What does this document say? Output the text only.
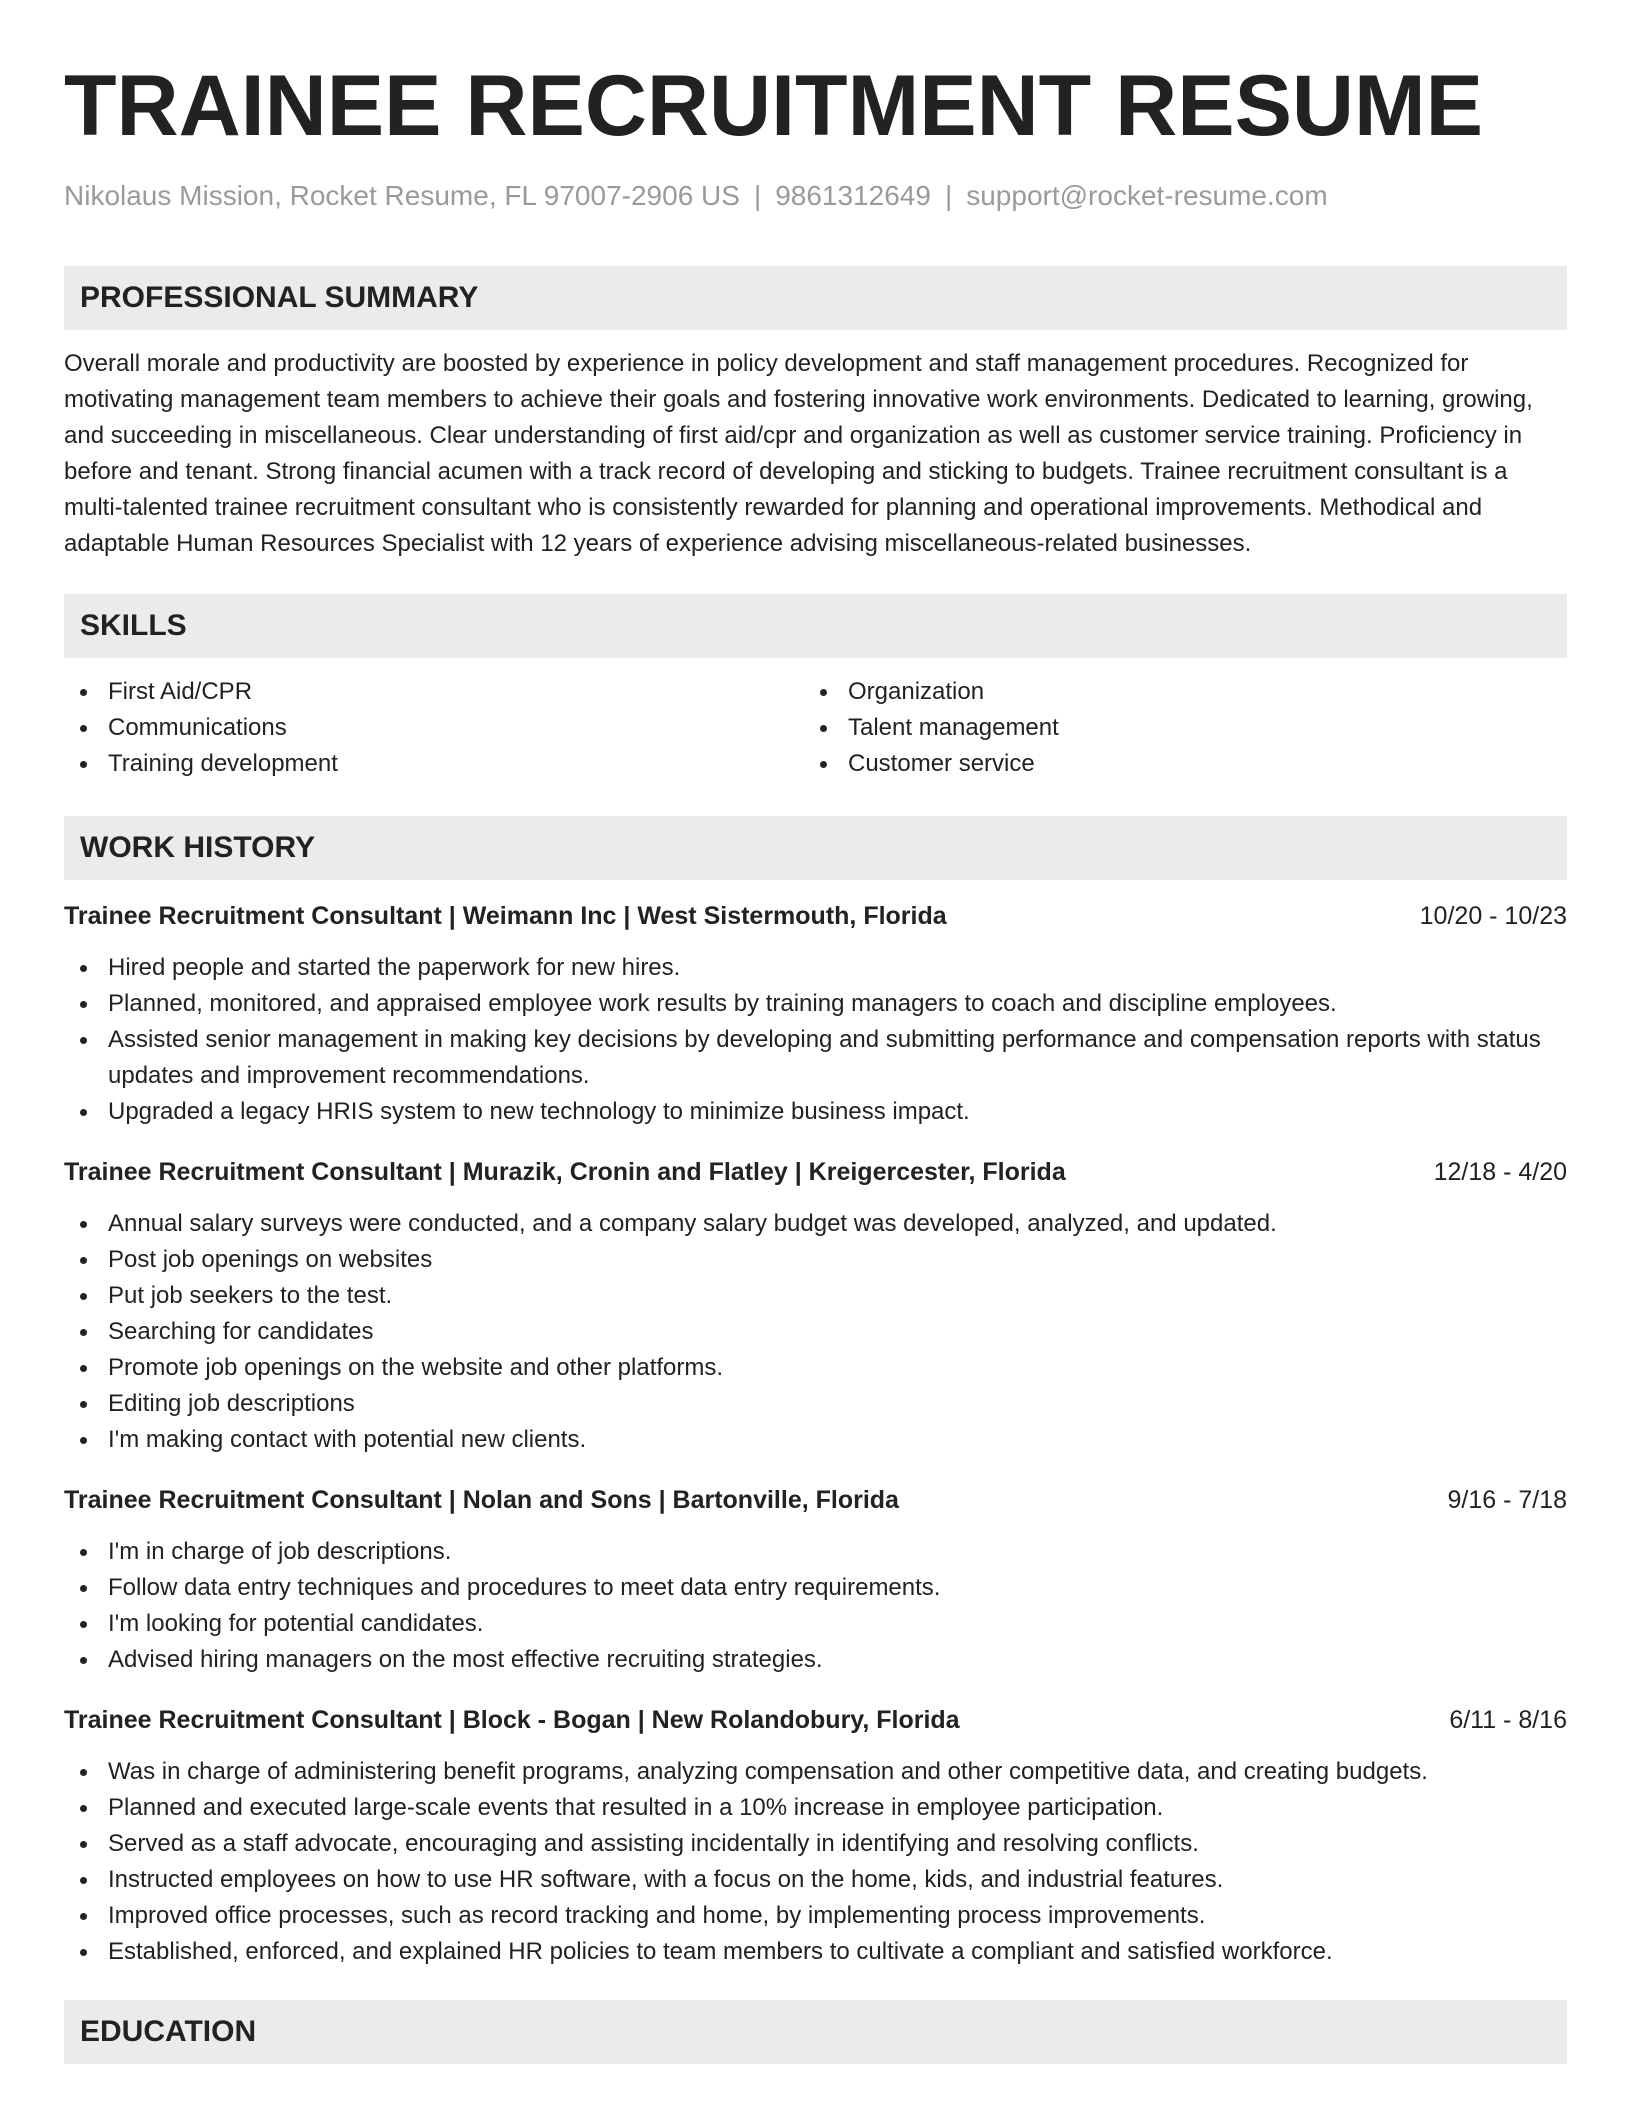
TRAINEE RECRUITMENT RESUME
Nikolaus Mission, Rocket Resume, FL 97007-2906 US | 9861312649 | support@rocket-resume.com
PROFESSIONAL SUMMARY
Overall morale and productivity are boosted by experience in policy development and staff management procedures. Recognized for motivating management team members to achieve their goals and fostering innovative work environments. Dedicated to learning, growing, and succeeding in miscellaneous. Clear understanding of first aid/cpr and organization as well as customer service training. Proficiency in before and tenant. Strong financial acumen with a track record of developing and sticking to budgets. Trainee recruitment consultant is a multi-talented trainee recruitment consultant who is consistently rewarded for planning and operational improvements. Methodical and adaptable Human Resources Specialist with 12 years of experience advising miscellaneous-related businesses.
SKILLS
First Aid/CPR
Communications
Training development
Organization
Talent management
Customer service
WORK HISTORY
Trainee Recruitment Consultant | Weimann Inc | West Sistermouth, Florida	10/20 - 10/23
Hired people and started the paperwork for new hires.
Planned, monitored, and appraised employee work results by training managers to coach and discipline employees.
Assisted senior management in making key decisions by developing and submitting performance and compensation reports with status updates and improvement recommendations.
Upgraded a legacy HRIS system to new technology to minimize business impact.
Trainee Recruitment Consultant | Murazik, Cronin and Flatley | Kreigercester, Florida	12/18 - 4/20
Annual salary surveys were conducted, and a company salary budget was developed, analyzed, and updated.
Post job openings on websites
Put job seekers to the test.
Searching for candidates
Promote job openings on the website and other platforms.
Editing job descriptions
I'm making contact with potential new clients.
Trainee Recruitment Consultant | Nolan and Sons | Bartonville, Florida	9/16 - 7/18
I'm in charge of job descriptions.
Follow data entry techniques and procedures to meet data entry requirements.
I'm looking for potential candidates.
Advised hiring managers on the most effective recruiting strategies.
Trainee Recruitment Consultant | Block - Bogan | New Rolandobury, Florida	6/11 - 8/16
Was in charge of administering benefit programs, analyzing compensation and other competitive data, and creating budgets.
Planned and executed large-scale events that resulted in a 10% increase in employee participation.
Served as a staff advocate, encouraging and assisting incidentally in identifying and resolving conflicts.
Instructed employees on how to use HR software, with a focus on the home, kids, and industrial features.
Improved office processes, such as record tracking and home, by implementing process improvements.
Established, enforced, and explained HR policies to team members to cultivate a compliant and satisfied workforce.
EDUCATION
